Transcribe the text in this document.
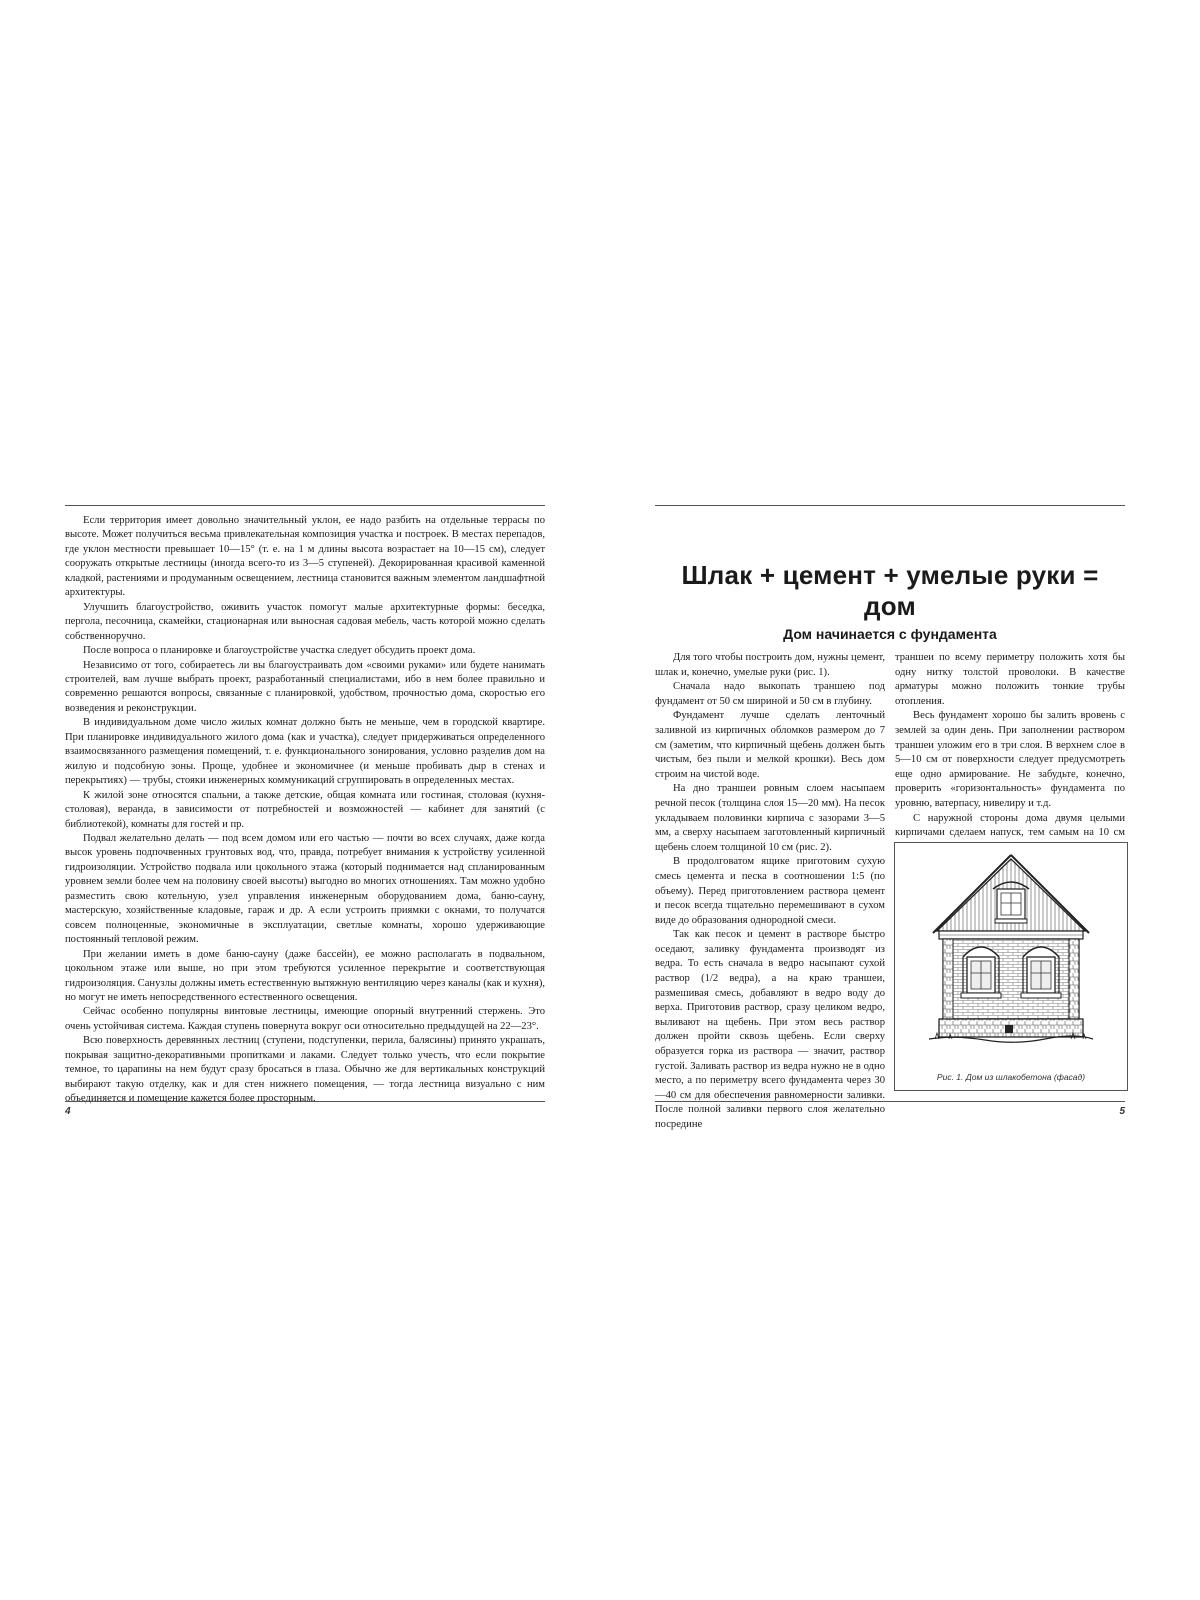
Если территория имеет довольно значительный уклон, ее надо разбить на отдельные террасы по высоте. Может получиться весьма привлекательная композиция участка и построек. В местах перепадов, где уклон местности превышает 10—15° (т. е. на 1 м длины высота возрастает на 10—15 см), следует сооружать открытые лестницы (иногда всего-то из 3—5 ступеней). Декорированная красивой каменной кладкой, растениями и продуманным освещением, лестница становится важным элементом ландшафтной архитектуры.

Улучшить благоустройство, оживить участок помогут малые архитектурные формы: беседка, пергола, песочница, скамейки, стационарная или выносная садовая мебель, часть которой можно сделать собственноручно.

После вопроса о планировке и благоустройстве участка следует обсудить проект дома.

Независимо от того, собираетесь ли вы благоустраивать дом «своими руками» или будете нанимать строителей, вам лучше выбрать проект, разработанный специалистами, ибо в нем более правильно и современно решаются вопросы, связанные с планировкой, удобством, прочностью дома, скоростью его возведения и реконструкции.

В индивидуальном доме число жилых комнат должно быть не меньше, чем в городской квартире. При планировке индивидуального жилого дома (как и участка), следует придерживаться определенного взаимосвязанного размещения помещений, т. е. функционального зонирования, условно разделив дом на жилую и подсобную зоны. Проще, удобнее и экономичнее (и меньше пробивать дыр в стенах и перекрытиях) — трубы, стояки инженерных коммуникаций сгруппировать в определенных местах.

К жилой зоне относятся спальни, а также детские, общая комната или гостиная, столовая (кухня-столовая), веранда, в зависимости от потребностей и возможностей — кабинет для занятий (с библиотекой), комнаты для гостей и пр.

Подвал желательно делать — под всем домом или его частью — почти во всех случаях, даже когда высок уровень подпочвенных грунтовых вод, что, правда, потребует внимания к устройству усиленной гидроизоляции. Устройство подвала или цокольного этажа (который поднимается над спланированным уровнем земли более чем на половину своей высоты) выгодно во многих отношениях. Там можно удобно разместить свою котельную, узел управления инженерным оборудованием дома, баню-сауну, мастерскую, хозяйственные кладовые, гараж и др. А если устроить приямки с окнами, то получатся совсем полноценные, экономичные в эксплуатации, светлые комнаты, хорошо удерживающие постоянный тепловой режим.

При желании иметь в доме баню-сауну (даже бассейн), ее можно располагать в подвальном, цокольном этаже или выше, но при этом требуются усиленное перекрытие и соответствующая гидроизоляция. Санузлы должны иметь естественную вытяжную вентиляцию через каналы (как и кухня), но могут не иметь непосредственного естественного освещения.

Сейчас особенно популярны винтовые лестницы, имеющие опорный внутренний стержень. Это очень устойчивая система. Каждая ступень повернута вокруг оси относительно предыдущей на 22—23°.

Всю поверхность деревянных лестниц (ступени, подступенки, перила, балясины) принято украшать, покрывая защитно-декоративными пропитками и лаками. Следует только учесть, что если покрытие темное, то царапины на нем будут сразу бросаться в глаза. Обычно же для вертикальных конструкций выбирают такую отделку, как и для стен нижнего помещения, — тогда лестница визуально с ним объединяется и помещение кажется более просторным.

4
Шлак + цемент + умелые руки = дом
Дом начинается с фундамента

Для того чтобы построить дом, нужны цемент, шлак и, конечно, умелые руки (рис. 1).

Сначала надо выкопать траншею под фундамент от 50 см шириной и 50 см в глубину.

Фундамент лучше сделать ленточный заливной из кирпичных обломков размером до 7 см (заметим, что кирпичный щебень должен быть чистым, без пыли и мелкой крошки). Весь дом строим на чистой воде.

На дно траншеи ровным слоем насыпаем речной песок (толщина слоя 15—20 мм). На песок укладываем половинки кирпича с зазорами 3—5 мм, а сверху насыпаем заготовленный кирпичный щебень слоем толщиной 10 см (рис. 2).

В продолговатом ящике приготовим сухую смесь цемента и песка в соотношении 1:5 (по объему). Перед приготовлением раствора цемент и песок всегда тщательно перемешивают в сухом виде до образования однородной смеси.

Так как песок и цемент в растворе быстро оседают, заливку фундамента производят из ведра. То есть сначала в ведро насыпают сухой раствор (1/2 ведра), а на краю траншеи, размешивая смесь, добавляют в ведро воду до верха. Приготовив раствор, сразу целиком ведро, выливают на щебень. При этом весь раствор должен пройти сквозь щебень. Если сверху образуется горка из раствора — значит, раствор густой. Заливать раствор из ведра нужно не в одно место, а по периметру всего фундамента через 30—40 см для обеспечения равномерности заливки. После полной заливки первого слоя желательно посредине

траншеи по всему периметру положить хотя бы одну нитку толстой проволоки. В качестве арматуры можно положить тонкие трубы отопления.

Весь фундамент хорошо бы залить вровень с землей за один день. При заполнении раствором траншеи уложим его в три слоя. В верхнем слое в 5—10 см от поверхности следует предусмотреть еще одно армирование. Не забудьте, конечно, проверить «горизонтальность» фундамента по уровню, ватерпасу, нивелиру и т.д.

С наружной стороны дома двумя целыми кирпичами сделаем напуск, тем самым на 10 см

Рис. 1. Дом из шлакобетона (фасад)
5
